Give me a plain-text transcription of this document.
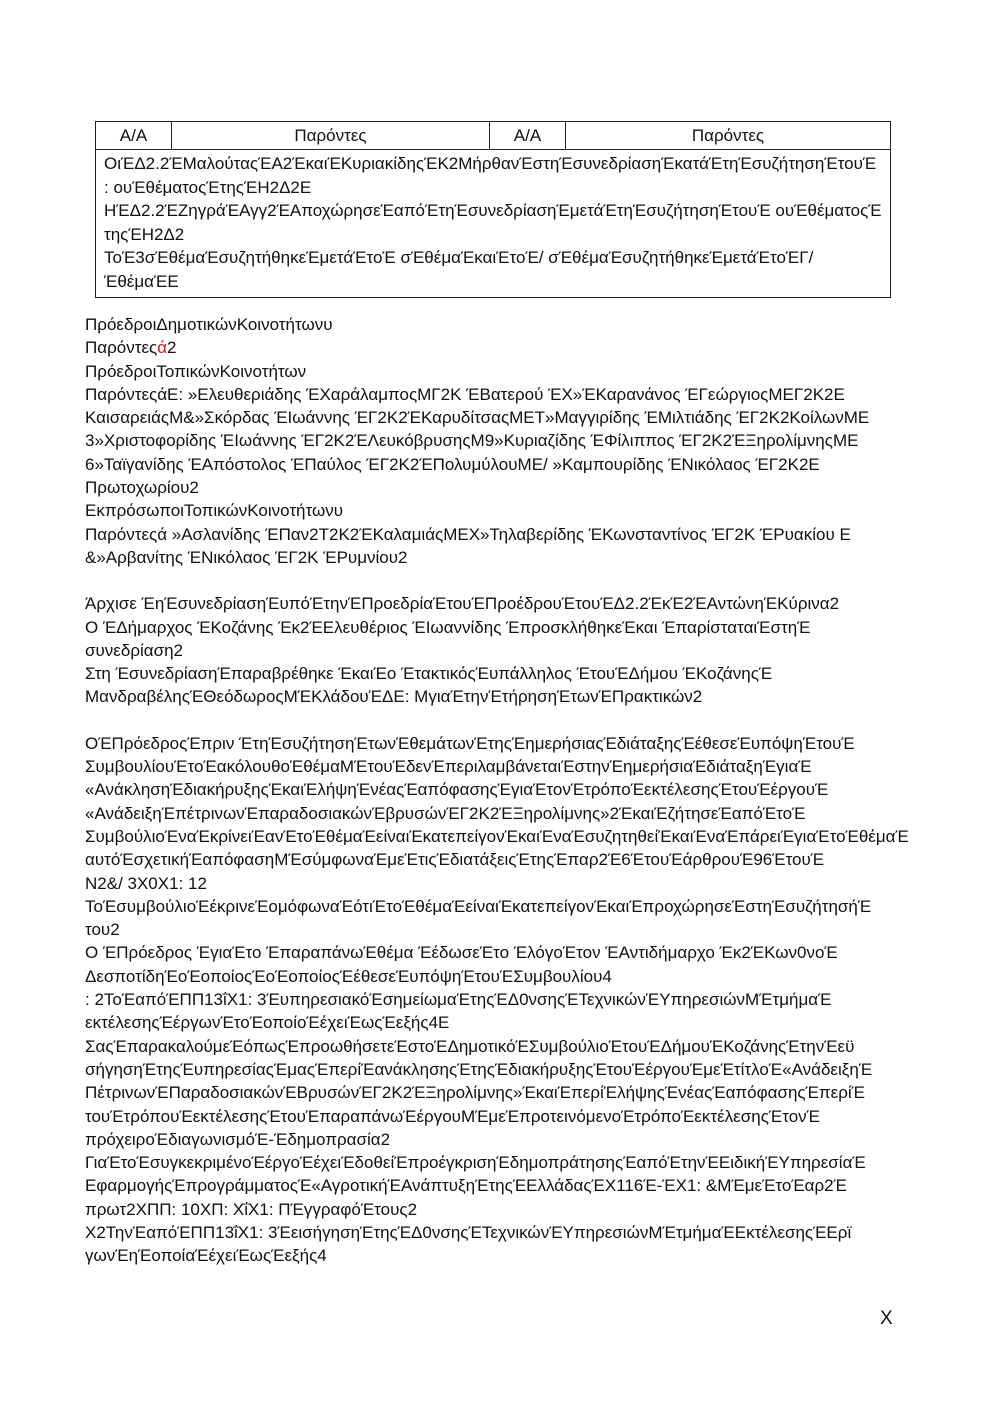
Α/Α	Παρόντες	Α/Α	Παρόντες

ΟιΈΔ2.2ΈΜαλούταςΈΑ2ΈκαιΈΚυριακίδηςΈΚ2ΜήρθανΈστηΈσυνεδρίασηΈκατάΈτηΈσυζήτησηΈτουΈ : ουΈθέματοςΈτηςΈΗ2Δ2Ε
ΗΈΔ2.2ΈΖηγράΈΑγγ2ΈΑποχώρησεΈαπόΈτηΈσυνεδρίασηΈμετάΈτηΈσυζήτησηΈτουΈ ουΈθέματοςΈ τηςΈΗ2Δ2
ΤοΈ3σΈθέμαΈσυζητήθηκεΈμετάΈτοΈ σΈθέμαΈκαιΈτοΈ/ σΈθέμαΈσυζητήθηκεΈμετάΈτοΈΓ/ΈθέμαΈΕ

ΠρόεδροιΔημοτικώνΚοινοτήτωνυ

Παρόντεςά2

ΠρόεδροιΤοπικώνΚοινοτήτων

ΠαρόντεςάΕ: »Ελευθεριάδης ΈΧαράλαμποςΜΓ2Κ ΈΒατερού ΈΧ»ΈΚαρανάνος ΈΓεώργιοςΜΕΓ2Κ2Ε

ΚαισαρειάςΜ&»Σκόρδας ΈΙωάννης ΈΓ2Κ2ΈΚαρυδίτσαςΜΕΤ»Μαγγιρίδης ΈΜιλτιάδης ΈΓ2Κ2ΚοίλωνΜΕ

3»Χριστοφορίδης ΈΙωάννης ΈΓ2Κ2ΈΛευκόβρυσηςΜ9»Κυριαζίδης ΈΦίλιππος ΈΓ2Κ2ΈΞηρολίμνηςΜΕ

6»Ταϊγανίδης ΈΑπόστολος ΈΠαύλος ΈΓ2Κ2ΈΠολυμύλουΜΕ/ »Καμπουρίδης ΈΝικόλαος ΈΓ2Κ2Ε

Πρωτοχωρίου2

ΕκπρόσωποιΤοπικώνΚοινοτήτωνυ

Παρόντεςά »Ασλανίδης ΈΠαν2Τ2Κ2ΈΚαλαμιάςΜΕΧ»Τηλαβερίδης ΈΚωνσταντίνος ΈΓ2Κ ΈΡυακίου Ε

&»Αρβανίτης ΈΝικόλαος ΈΓ2Κ ΈΡυμνίου2

Άρχισε ΈηΈσυνεδρίασηΈυπόΈτηνΈΠροεδρίαΈτουΈΠροέδρουΈτουΈΔ2.2ΈκΈ2ΈΑντώνηΈΚύρινα2

Ο ΈΔήμαρχος ΈΚοζάνης Έκ2ΈΕλευθέριος ΈΙωαννίδης ΈπροσκλήθηκεΈκαι ΈπαρίσταταιΈστηΈ

συνεδρίαση2

Στη ΈσυνεδρίασηΈπαραβρέθηκε ΈκαιΈο ΈτακτικόςΈυπάλληλος ΈτουΈΔήμου ΈΚοζάνηςΈ

ΜανδραβέληςΈΘεόδωροςΜΈΚλάδουΈΔΕ: ΜγιαΈτηνΈτήρησηΈτωνΈΠρακτικών2

ΟΈΠρόεδροςΈπριν ΈτηΈσυζήτησηΈτωνΈθεμάτωνΈτηςΈημερήσιαςΈδιάταξηςΈέθεσεΈυπόψηΈτουΈ

ΣυμβουλίουΈτοΈακόλουθοΈθέμαΜΈτουΈδενΈπεριλαμβάνεταιΈστηνΈημερήσιαΈδιάταξηΈγιαΈ

«ΑνάκλησηΈδιακήρυξηςΈκαιΈλήψηΈνέαςΈαπόφασηςΈγιαΈτονΈτρόποΈεκτέλεσηςΈτουΈέργουΈ

«ΑνάδειξηΈπέτρινωνΈπαραδοσιακώνΈβρυσώνΈΓ2Κ2ΈΞηρολίμνης»2ΈκαιΈζήτησεΈαπόΈτοΈ

ΣυμβούλιοΈναΈκρίνειΈανΈτοΈθέμαΈείναιΈκατεπείγονΈκαιΈναΈσυζητηθείΈκαιΈναΈπάρειΈγιαΈτοΈθέμαΈ

αυτόΈσχετικήΈαπόφασηΜΈσύμφωναΈμεΈτιςΈδιατάξειςΈτηςΈπαρ2Έ6ΈτουΈάρθρουΈ96ΈτουΈ

Ν2&/ 3Χ0Χ1: 12

ΤοΈσυμβούλιοΈέκρινεΈομόφωναΈότιΈτοΈθέμαΈείναιΈκατεπείγονΈκαιΈπροχώρησεΈστηΈσυζήτησήΈ

του2

Ο ΈΠρόεδρος ΈγιαΈτο ΈπαραπάνωΈθέμα ΈέδωσεΈτο ΈλόγοΈτον ΈΑντιδήμαρχο Έκ2ΈΚων0νοΈ

ΔεσποτίδηΈοΈοποίοςΈοΈοποίοςΈέθεσεΈυπόψηΈτουΈΣυμβουλίου4

: 2ΤοΈαπόΈΠΠ13ΐΧ1: 3ΈυπηρεσιακόΈσημείωμαΈτηςΈΔ0νσηςΈΤεχνικώνΈΥπηρεσιώνΜΈτμήμαΈ

εκτέλεσηςΈέργωνΈτοΈοποίοΈέχειΈωςΈεξής4Ε

ΣαςΈπαρακαλούμεΈόπωςΈπροωθήσετεΈστοΈΔημοτικόΈΣυμβούλιοΈτουΈΔήμουΈΚοζάνηςΈτηνΈεϋ

σήγησηΈτηςΈυπηρεσίαςΈμαςΈπερίΈανάκλησηςΈτηςΈδιακήρυξηςΈτουΈέργουΈμεΈτίτλοΈ«ΑνάδειξηΈ

ΠέτρινωνΈΠαραδοσιακώνΈΒρυσώνΈΓ2Κ2ΈΞηρολίμνης»ΈκαιΈπερίΈλήψηςΈνέαςΈαπόφασηςΈπερίΈ

τουΈτρόπουΈεκτέλεσηςΈτουΈπαραπάνωΈέργουΜΈμεΈπροτεινόμενοΈτρόποΈεκτέλεσηςΈτονΈ

πρόχειροΈδιαγωνισμόΈ-Έδημοπρασία2

ΓιαΈτοΈσυγκεκριμένοΈέργοΈέχειΈδοθείΈπροέγκρισηΈδημοπράτησηςΈαπόΈτηνΈΕιδικήΈΥπηρεσίαΈ

ΕφαρμογήςΈπρογράμματοςΈ«ΑγροτικήΈΑνάπτυξηΈτηςΈΕλλάδαςΈΧ116Έ-ΈΧ1: &ΜΈμεΈτοΈαρ2Έ

πρωτ2ΧΠΠ: 10ΧΠ: ΧΐΧ1: ΠΈγγραφόΈτους2

Χ2ΤηνΈαπόΈΠΠ13ΐΧ1: 3ΈεισήγησηΈτηςΈΔ0νσηςΈΤεχνικώνΈΥπηρεσιώνΜΈτμήμαΈΕκτέλεσηςΈΕρϊ

γωνΈηΈοποίαΈέχειΈωςΈεξής4

Χ
